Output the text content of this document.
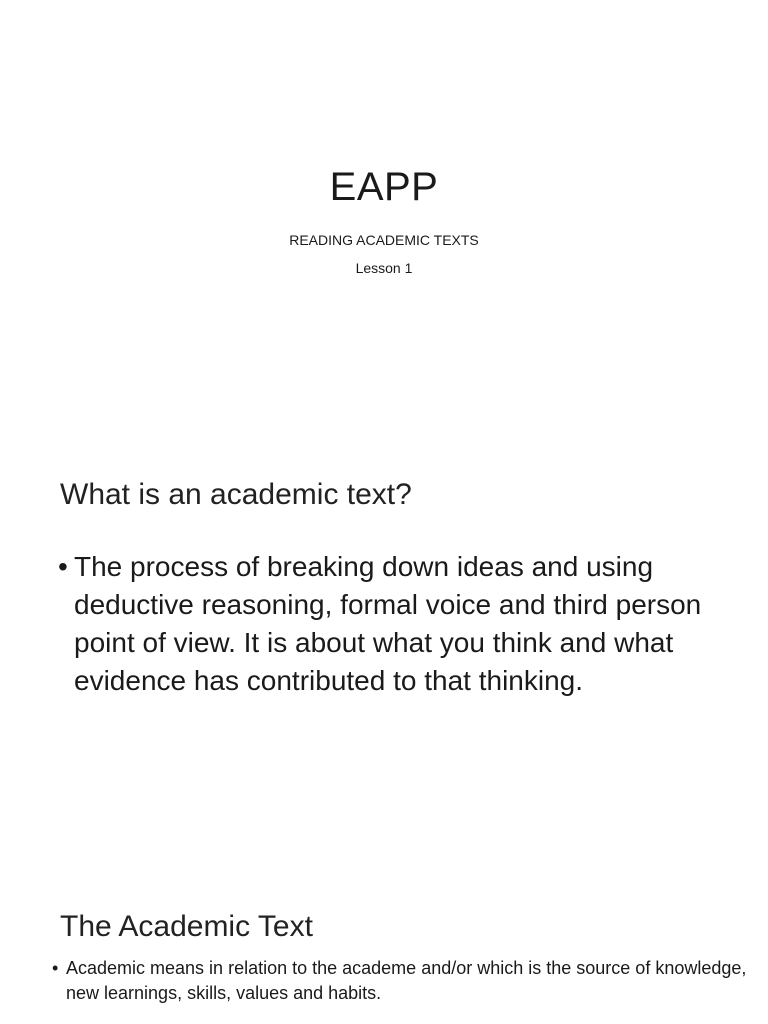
EAPP

READING ACADEMIC TEXTS

Lesson 1

What is an academic text?

• The process of breaking down ideas and using deductive reasoning, formal voice and third person point of view. It is about what you think and what evidence has contributed to that thinking.

The Academic Text

• Academic means in relation to the academe and/or which is the source of knowledge, new learnings, skills, values and habits.
